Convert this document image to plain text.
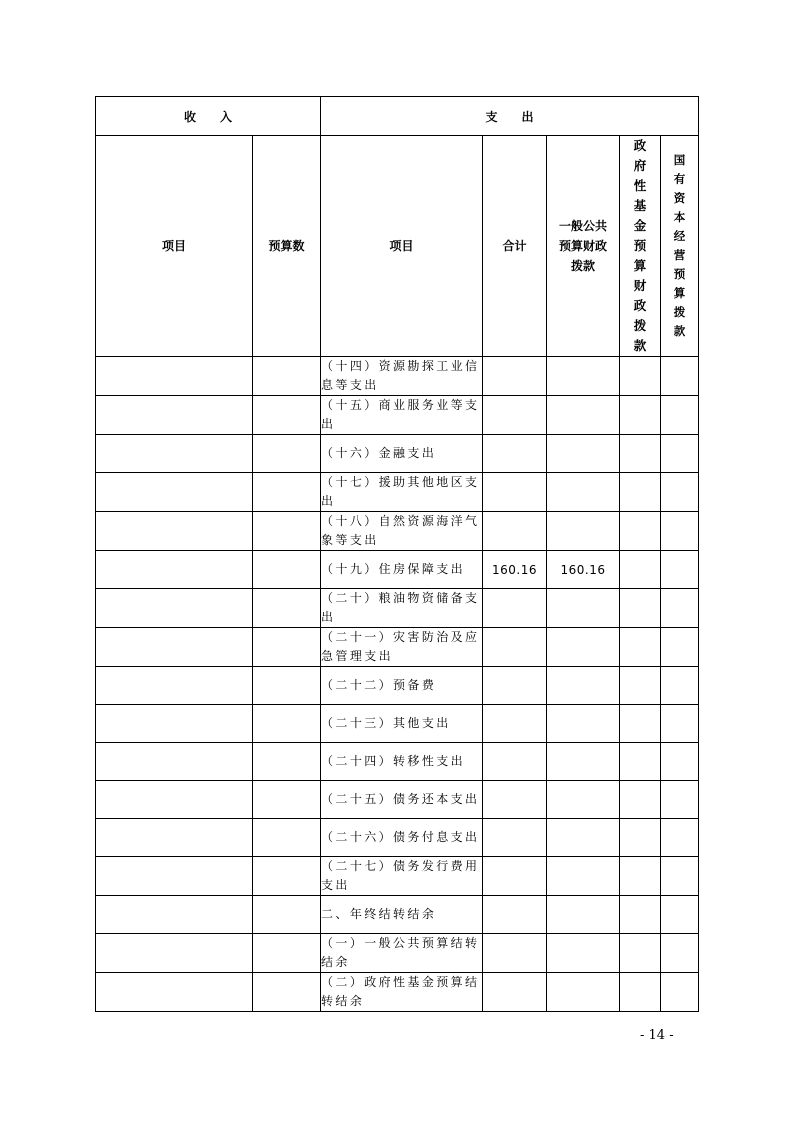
收　　入		支　　出				
项目	预算数	项目	合计	一般公共预算财政拨款	政府性基金预算财政拨款	国有资本经营预算拨款
		（十四）资源勘探工业信息等支出				
		（十五）商业服务业等支出				
		（十六）金融支出				
		（十七）援助其他地区支出				
		（十八）自然资源海洋气象等支出				
		（十九）住房保障支出	160.16	160.16		
		（二十）粮油物资储备支出				
		（二十一）灾害防治及应急管理支出				
		（二十二）预备费				
		（二十三）其他支出				
		（二十四）转移性支出				
		（二十五）债务还本支出				
		（二十六）债务付息支出				
		（二十七）债务发行费用支出				
		二、年终结转结余				
		（一）一般公共预算结转结余				
		（二）政府性基金预算结转结余				
- 14 -
